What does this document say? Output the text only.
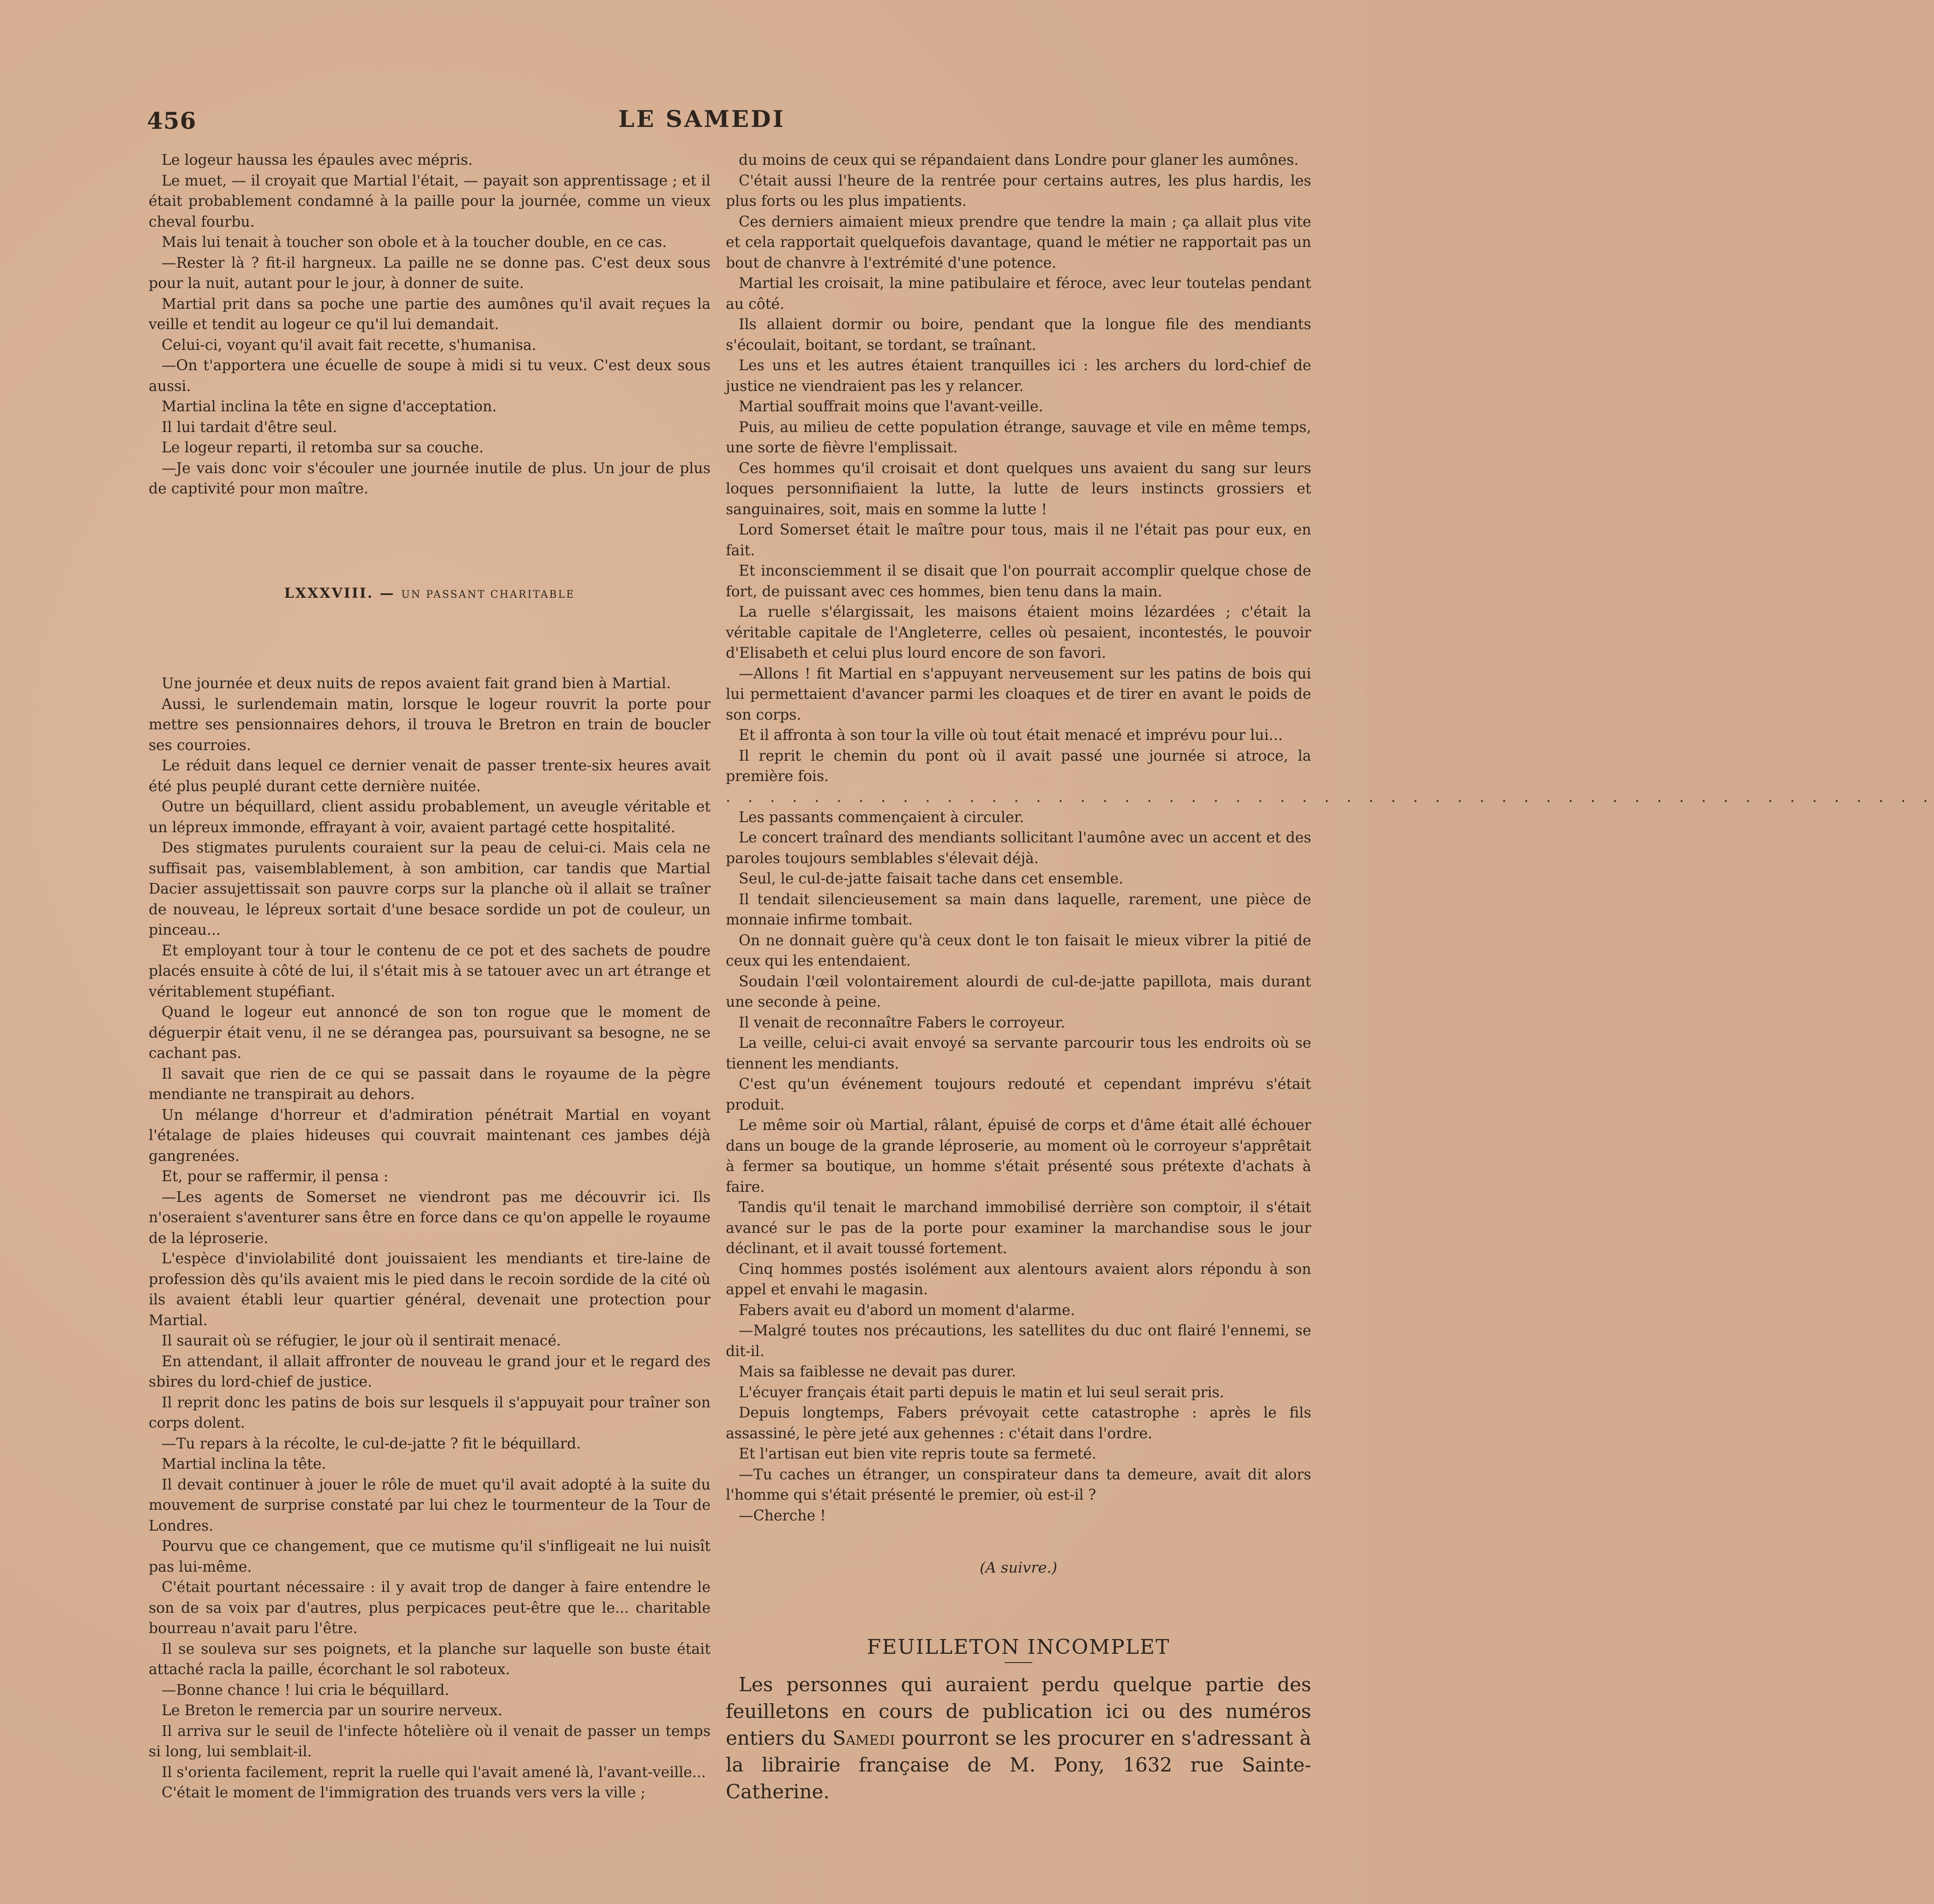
456	LE SAMEDI

Le logeur haussa les épaules avec mépris.

Le muet, — il croyait que Martial l'était, — payait son apprentissage ; et il était probablement condamné à la paille pour la journée, comme un vieux cheval fourbu.

Mais lui tenait à toucher son obole et à la toucher double, en ce cas.

—Rester là ? fit-il hargneux. La paille ne se donne pas. C'est deux sous pour la nuit, autant pour le jour, à donner de suite.

Martial prit dans sa poche une partie des aumônes qu'il avait reçues la veille et tendit au logeur ce qu'il lui demandait.

Celui-ci, voyant qu'il avait fait recette, s'humanisa.

—On t'apportera une écuelle de soupe à midi si tu veux. C'est deux sous aussi.

Martial inclina la tête en signe d'acceptation.

Il lui tardait d'être seul.

Le logeur reparti, il retomba sur sa couche.

—Je vais donc voir s'écouler une journée inutile de plus. Un jour de plus de captivité pour mon maître.

LXXXVIII. — UN PASSANT CHARITABLE

Une journée et deux nuits de repos avaient fait grand bien à Martial.

Aussi, le surlendemain matin, lorsque le logeur rouvrit la porte pour mettre ses pensionnaires dehors, il trouva le Bretron en train de boucler ses courroies.

Le réduit dans lequel ce dernier venait de passer trente-six heures avait été plus peuplé durant cette dernière nuitée.

Outre un béquillard, client assidu probablement, un aveugle véritable et un lépreux immonde, effrayant à voir, avaient partagé cette hospitalité.

Des stigmates purulents couraient sur la peau de celui-ci. Mais cela ne suffisait pas, vaisemblablement, à son ambition, car tandis que Martial Dacier assujettissait son pauvre corps sur la planche où il allait se traîner de nouveau, le lépreux sortait d'une besace sordide un pot de couleur, un pinceau...

Et employant tour à tour le contenu de ce pot et des sachets de poudre placés ensuite à côté de lui, il s'était mis à se tatouer avec un art étrange et véritablement stupéfiant.

Quand le logeur eut annoncé de son ton rogue que le moment de déguerpir était venu, il ne se dérangea pas, poursuivant sa besogne, ne se cachant pas.

Il savait que rien de ce qui se passait dans le royaume de la pègre mendiante ne transpirait au dehors.

Un mélange d'horreur et d'admiration pénétrait Martial en voyant l'étalage de plaies hideuses qui couvrait maintenant ces jambes déjà gangrenées.

Et, pour se raffermir, il pensa :

—Les agents de Somerset ne viendront pas me découvrir ici. Ils n'oseraient s'aventurer sans être en force dans ce qu'on appelle le royaume de la léproserie.

L'espèce d'inviolabilité dont jouissaient les mendiants et tire-laine de profession dès qu'ils avaient mis le pied dans le recoin sordide de la cité où ils avaient établi leur quartier général, devenait une protection pour Martial.

Il saurait où se réfugier, le jour où il sentirait menacé.

En attendant, il allait affronter de nouveau le grand jour et le regard des sbires du lord-chief de justice.

Il reprit donc les patins de bois sur lesquels il s'appuyait pour traîner son corps dolent.

—Tu repars à la récolte, le cul-de-jatte ? fit le béquillard.

Martial inclina la tête.

Il devait continuer à jouer le rôle de muet qu'il avait adopté à la suite du mouvement de surprise constaté par lui chez le tourmenteur de la Tour de Londres.

Pourvu que ce changement, que ce mutisme qu'il s'infligeait ne lui nuisît pas lui-même.

C'était pourtant nécessaire : il y avait trop de danger à faire entendre le son de sa voix par d'autres, plus perpicaces peut-être que le... charitable bourreau n'avait paru l'être.

Il se souleva sur ses poignets, et la planche sur laquelle son buste était attaché racla la paille, écorchant le sol raboteux.

—Bonne chance ! lui cria le béquillard.

Le Breton le remercia par un sourire nerveux.

Il arriva sur le seuil de l'infecte hôtelière où il venait de passer un temps si long, lui semblait-il.

Il s'orienta facilement, reprit la ruelle qui l'avait amené là, l'avant-veille...

C'était le moment de l'immigration des truands vers vers la ville ;

du moins de ceux qui se répandaient dans Londre pour glaner les aumônes.

C'était aussi l'heure de la rentrée pour certains autres, les plus hardis, les plus forts ou les plus impatients.

Ces derniers aimaient mieux prendre que tendre la main ; ça allait plus vite et cela rapportait quelquefois davantage, quand le métier ne rapportait pas un bout de chanvre à l'extrémité d'une potence.

Martial les croisait, la mine patibulaire et féroce, avec leur toutelas pendant au côté.

Ils allaient dormir ou boire, pendant que la longue file des mendiants s'écoulait, boitant, se tordant, se traînant.

Les uns et les autres étaient tranquilles ici : les archers du lord-chief de justice ne viendraient pas les y relancer.

Martial souffrait moins que l'avant-veille.

Puis, au milieu de cette population étrange, sauvage et vile en même temps, une sorte de fièvre l'emplissait.

Ces hommes qu'il croisait et dont quelques uns avaient du sang sur leurs loques personnifiaient la lutte, la lutte de leurs instincts grossiers et sanguinaires, soit, mais en somme la lutte !

Lord Somerset était le maître pour tous, mais il ne l'était pas pour eux, en fait.

Et inconsciemment il se disait que l'on pourrait accomplir quelque chose de fort, de puissant avec ces hommes, bien tenu dans la main.

La ruelle s'élargissait, les maisons étaient moins lézardées ; c'était la véritable capitale de l'Angleterre, celles où pesaient, incontestés, le pouvoir d'Elisabeth et celui plus lourd encore de son favori.

—Allons ! fit Martial en s'appuyant nerveusement sur les patins de bois qui lui permettaient d'avancer parmi les cloaques et de tirer en avant le poids de son corps.

Et il affronta à son tour la ville où tout était menacé et imprévu pour lui...

Il reprit le chemin du pont où il avait passé une journée si atroce, la première fois.

. . . . . . . . . . . . . . . . . . . . . . . . . . . . . . . . . . . . . . . . . . . . . . . . . . . . . . .

Les passants commençaient à circuler.

Le concert traînard des mendiants sollicitant l'aumône avec un accent et des paroles toujours semblables s'élevait déjà.

Seul, le cul-de-jatte faisait tache dans cet ensemble.

Il tendait silencieusement sa main dans laquelle, rarement, une pièce de monnaie infirme tombait.

On ne donnait guère qu'à ceux dont le ton faisait le mieux vibrer la pitié de ceux qui les entendaient.

Soudain l'œil volontairement alourdi de cul-de-jatte papillota, mais durant une seconde à peine.

Il venait de reconnaître Fabers le corroyeur.

La veille, celui-ci avait envoyé sa servante parcourir tous les endroits où se tiennent les mendiants.

C'est qu'un événement toujours redouté et cependant imprévu s'était produit.

Le même soir où Martial, râlant, épuisé de corps et d'âme était allé échouer dans un bouge de la grande léproserie, au moment où le corroyeur s'apprêtait à fermer sa boutique, un homme s'était présenté sous prétexte d'achats à faire.

Tandis qu'il tenait le marchand immobilisé derrière son comptoir, il s'était avancé sur le pas de la porte pour examiner la marchandise sous le jour déclinant, et il avait toussé fortement.

Cinq hommes postés isolément aux alentours avaient alors répondu à son appel et envahi le magasin.

Fabers avait eu d'abord un moment d'alarme.

—Malgré toutes nos précautions, les satellites du duc ont flairé l'ennemi, se dit-il.

Mais sa faiblesse ne devait pas durer.

L'écuyer français était parti depuis le matin et lui seul serait pris.

Depuis longtemps, Fabers prévoyait cette catastrophe : après le fils assassiné, le père jeté aux gehennes : c'était dans l'ordre.

Et l'artisan eut bien vite repris toute sa fermeté.

—Tu caches un étranger, un conspirateur dans ta demeure, avait dit alors l'homme qui s'était présenté le premier, où est-il ?

—Cherche !

(A suivre.)
FEUILLETON INCOMPLET

Les personnes qui auraient perdu quelque partie des feuilletons en cours de publication ici ou des numéros entiers du Samedi pourront se les procurer en s'adressant à la librairie française de M. Pony, 1632 rue Sainte-Catherine.
